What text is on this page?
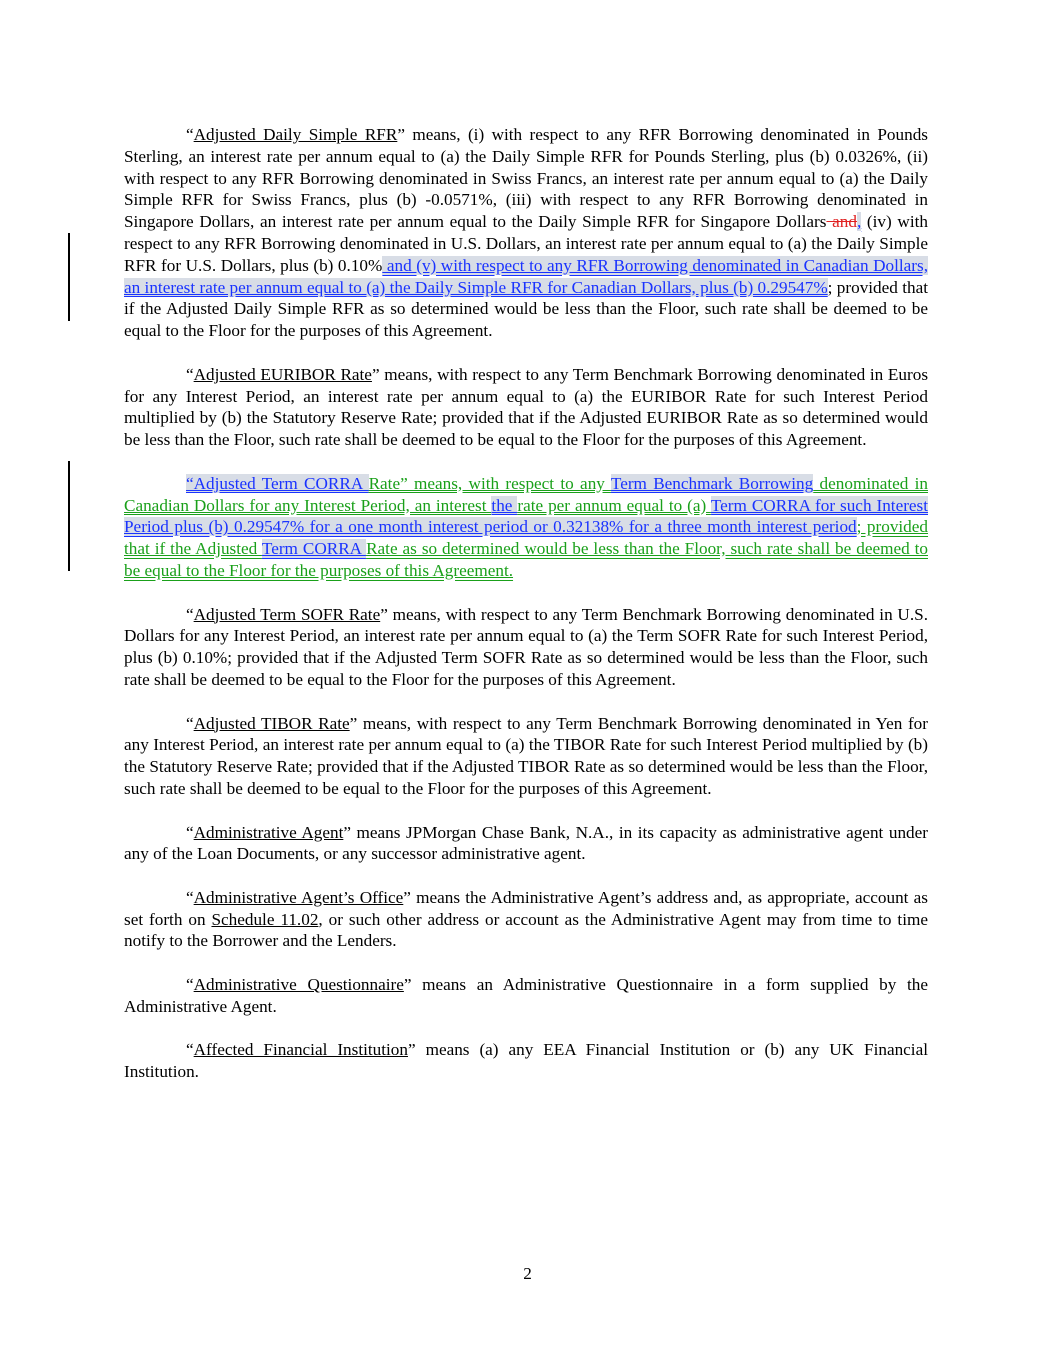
“Adjusted Daily Simple RFR” means, (i) with respect to any RFR Borrowing denominated in Pounds Sterling, an interest rate per annum equal to (a) the Daily Simple RFR for Pounds Sterling, plus (b) 0.0326%, (ii) with respect to any RFR Borrowing denominated in Swiss Francs, an interest rate per annum equal to (a) the Daily Simple RFR for Swiss Francs, plus (b) -0.0571%, (iii) with respect to any RFR Borrowing denominated in Singapore Dollars, an interest rate per annum equal to the Daily Simple RFR for Singapore Dollars and, (iv) with respect to any RFR Borrowing denominated in U.S. Dollars, an interest rate per annum equal to (a) the Daily Simple RFR for U.S. Dollars, plus (b) 0.10% and (v) with respect to any RFR Borrowing denominated in Canadian Dollars, an interest rate per annum equal to (a) the Daily Simple RFR for Canadian Dollars, plus (b) 0.29547%; provided that if the Adjusted Daily Simple RFR as so determined would be less than the Floor, such rate shall be deemed to be equal to the Floor for the purposes of this Agreement.

“Adjusted EURIBOR Rate” means, with respect to any Term Benchmark Borrowing denominated in Euros for any Interest Period, an interest rate per annum equal to (a) the EURIBOR Rate for such Interest Period multiplied by (b) the Statutory Reserve Rate; provided that if the Adjusted EURIBOR Rate as so determined would be less than the Floor, such rate shall be deemed to be equal to the Floor for the purposes of this Agreement.

“Adjusted Term CORRA Rate” means, with respect to any Term Benchmark Borrowing denominated in Canadian Dollars for any Interest Period, an interest the rate per annum equal to (a) Term CORRA for such Interest Period plus (b) 0.29547% for a one month interest period or 0.32138% for a three month interest period; provided that if the Adjusted Term CORRA Rate as so determined would be less than the Floor, such rate shall be deemed to be equal to the Floor for the purposes of this Agreement.

“Adjusted Term SOFR Rate” means, with respect to any Term Benchmark Borrowing denominated in U.S. Dollars for any Interest Period, an interest rate per annum equal to (a) the Term SOFR Rate for such Interest Period, plus (b) 0.10%; provided that if the Adjusted Term SOFR Rate as so determined would be less than the Floor, such rate shall be deemed to be equal to the Floor for the purposes of this Agreement.

“Adjusted TIBOR Rate” means, with respect to any Term Benchmark Borrowing denominated in Yen for any Interest Period, an interest rate per annum equal to (a) the TIBOR Rate for such Interest Period multiplied by (b) the Statutory Reserve Rate; provided that if the Adjusted TIBOR Rate as so determined would be less than the Floor, such rate shall be deemed to be equal to the Floor for the purposes of this Agreement.

“Administrative Agent” means JPMorgan Chase Bank, N.A., in its capacity as administrative agent under any of the Loan Documents, or any successor administrative agent.

“Administrative Agent’s Office” means the Administrative Agent’s address and, as appropriate, account as set forth on Schedule 11.02, or such other address or account as the Administrative Agent may from time to time notify to the Borrower and the Lenders.

“Administrative Questionnaire” means an Administrative Questionnaire in a form supplied by the Administrative Agent.

“Affected Financial Institution” means (a) any EEA Financial Institution or (b) any UK Financial Institution.

2
